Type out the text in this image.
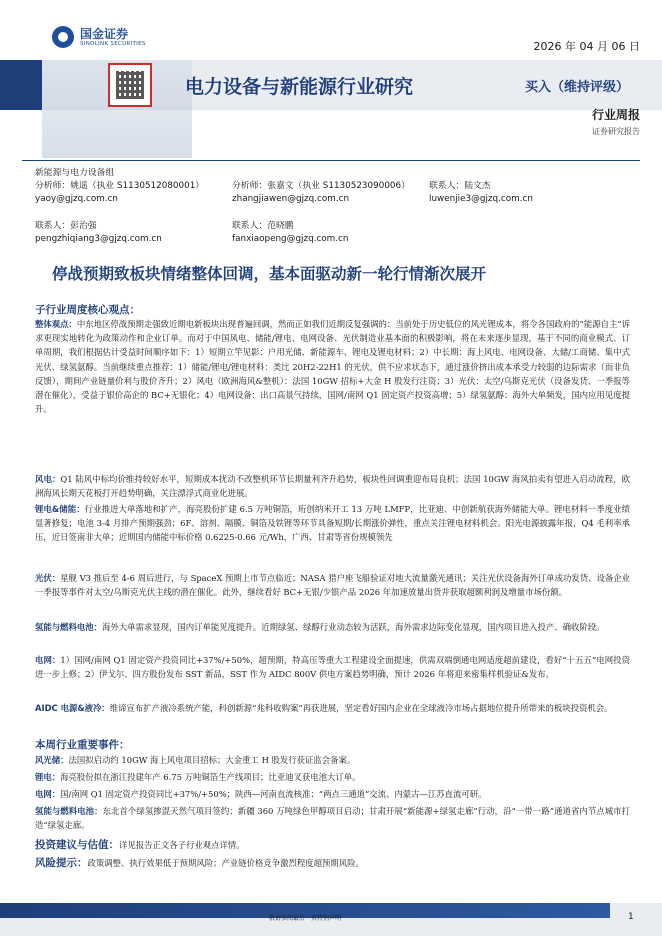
国金证券
SINOLINK SECURITIES	2026 年 04 月 06 日
电力设备与新能源行业研究	买入（维持评级）
行业周报
证券研究报告
新能源与电力设备组
分析师：姚遥（执业 S1130512080001）
yaoy@gjzq.com.cn
分析师：张嘉文（执业 S1130523090006）
zhangjiawen@gjzq.com.cn
联系人：陆文杰
luwenjie3@gjzq.com.cn
联系人：彭治强
pengzhiqiang3@gjzq.com.cn
联系人：范晓鹏
fanxiaopeng@gjzq.com.cn
停战预期致板块情绪整体回调，基本面驱动新一轮行情渐次展开
子行业周度核心观点：
整体观点：中东地区停战预期走强致近期电新板块出现普遍回调，然而正如我们近期反复强调的：当前处于历史低位的风光锂成本，将令各国政府的“能源自主”诉求更现实地转化为政策动作和企业订单。而对于中国风电、储能/锂电、电网设备、光伏制造业基本面的积极影响，将在未来逐步显现，基于不同的商业模式、订单周期，我们根据估计受益时间顺序如下：1）短期立竿见影：户用光储、新能源车、锂电及锂电材料；2）中长期：海上风电、电网设备、大储/工商储、集中式光伏、绿氢氨醇。当前继续重点推荐：1）储能/锂电/锂电材料：类比 20H2-22H1 的光伏，供不应求状态下，通过涨价挤出成本承受力较弱的边际需求（而非负反馈），期间产业链量价利与股价齐升；2）风电（欧洲海风&整机）：法国 10GW 招标+大金 H 股发行注资；3）光伏：太空/乌斯克光伏（设备发货、一季报等潜在催化），受益于银价高企的 BC+无银化；4）电网设备：出口高景气持续，国网/南网 Q1 固定资产投资高增；5）绿氢氨醇：海外大单频发，国内应用见度提升。
风电：Q1 陆风中标均价维持较好水平，短期成本扰动不改整机环节长期量利齐升趋势，板块性回调重迎布局良机；法国 10GW 海风拍卖有望进入启动流程，欧洲海风长期天花板打开趋势明确，关注漂浮式商业化进展。
锂电&储能：行业推进大单落地和扩产，海亮股份扩建 6.5 万吨铜箔，珩创纳米开工 13 万吨 LMFP，比亚迪、中创新航获海外储能大单。锂电材料一季度业绩显著修复；电池 3-4 月排产预期强劲；6F、溶剂、隔膜、铜箔及铁锂等环节具备短期/长期涨价弹性，重点关注锂电材料机会。阳光电源披露年报，Q4 毛利率承压，近日签南非大单；近期国内储能中标价格 0.6225-0.66 元/Wh，广西、甘肃等省份规模领先
光伏：星舰 V3 推后至 4-6 周后进行，与 SpaceX 预期上市节点临近；NASA 猎户座飞船验证对地大流量激光通讯；关注光伏设备海外订单成功发货、设备企业一季报等事件对太空/乌斯克光伏主线的潜在催化。此外，继续看好 BC+无银/少银产品 2026 年加速放量出货并获取超额利润及增量市场份额。
氢能与燃料电池：海外大单需求显现，国内订单能见度提升。近期绿氢、绿醇行业动态较为活跃，海外需求边际变化显现，国内项目进入投产、确收阶段。
电网：1）国网/南网 Q1 固定资产投资同比+37%/+50%，超预期，特高压等重大工程建设全面提速，供需双端倒通电网适度超前建设，看好“十五五”电网投资进一步上修；2）伊戈尔、四方股份发布 SST 新品，SST 作为 AIDC 800V 供电方案趋势明确，预计 2026 年将迎来密集样机验证&发布。
AIDC 电源&液冷：维谛宣布扩产液冷系统产能，科创新源“兆科收购案”再获进展，坚定看好国内企业在全球液冷市场占据地位提升所带来的板块投资机会。
本周行业重要事件：
风光储：法国拟启动约 10GW 海上风电项目招标；大金重工 H 股发行获证监会备案。
锂电：海亮股份拟在浙江投建年产 6.75 万吨铜箔生产线项目；比亚迪叉获电池大订单。
电网：国/南网 Q1 固定资产投资同比+37%/+50%；陕西—河南直流核准；“两点三通道”交流、内蒙古—江苏直流可研。
氢能与燃料电池：东北首个绿氢掺混天然气项目签约；新疆 360 万吨绿色甲醇项目启动；甘肃开展“新能源+绿氢走廊”行动，沿“一带一路”通道省内节点城市打造“绿氢走廊。
投资建议与估值：详见报告正文各子行业观点详情。
风险提示：政策调整、执行效果低于预期风险；产业链价格竞争激烈程度超预期风险。
敬请参阅最后一页特别声明	1
